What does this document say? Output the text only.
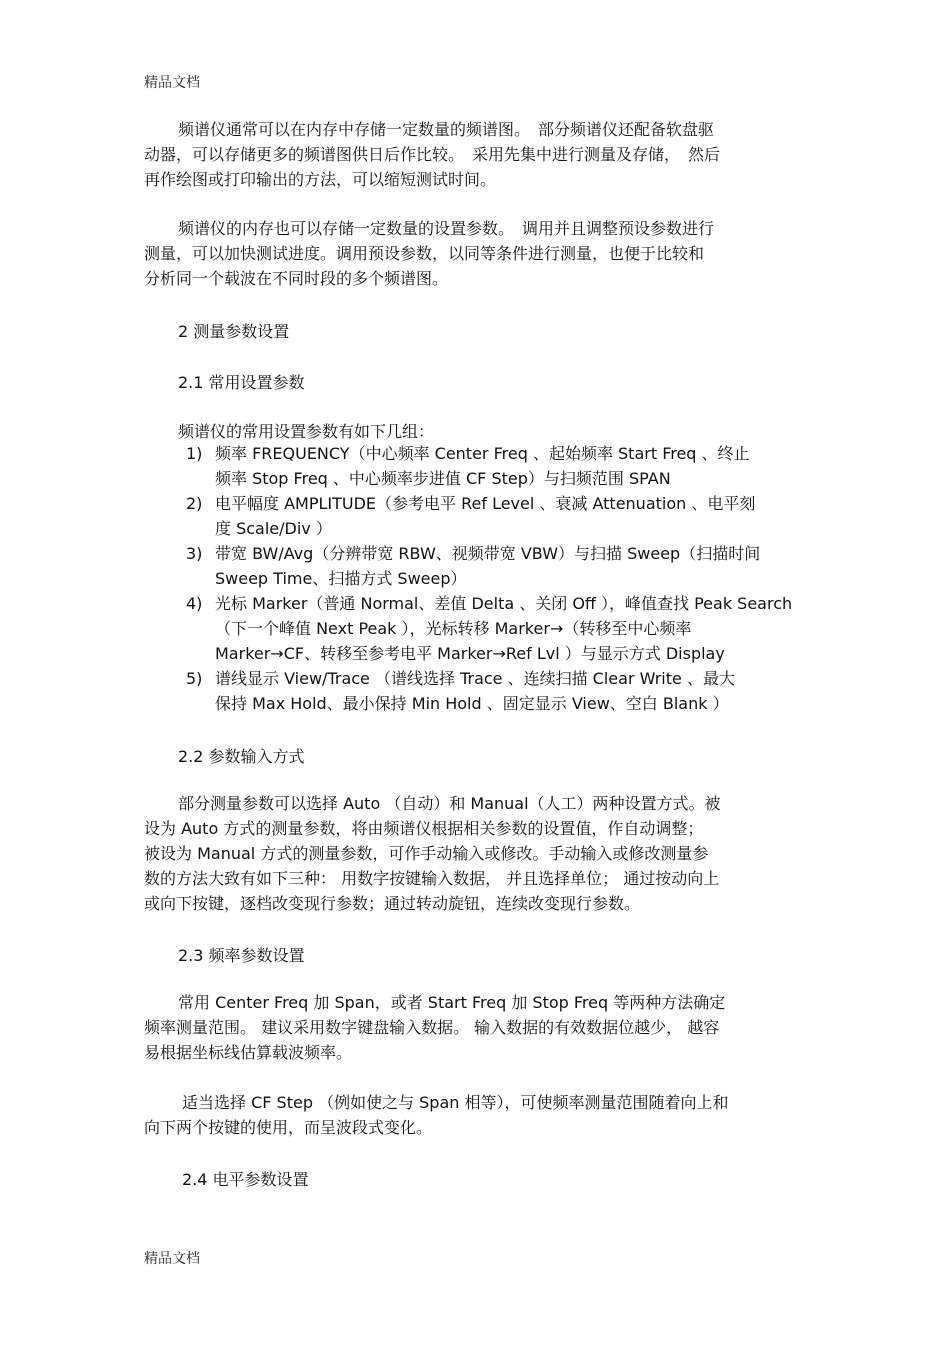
精品文档
频谱仪通常可以在内存中存储一定数量的频谱图。　部分频谱仪还配备软盘驱
动器，可以存储更多的频谱图供日后作比较。　采用先集中进行测量及存储，　然后
再作绘图或打印输出的方法，可以缩短测试时间。
频谱仪的内存也可以存储一定数量的设置参数。　调用并且调整预设参数进行
测量，可以加快测试进度。调用预设参数，以同等条件进行测量，也便于比较和
分析同一个载波在不同时段的多个频谱图。
2 测量参数设置
2.1 常用设置参数
频谱仪的常用设置参数有如下几组：
1) 频率 FREQUENCY（中心频率 Center Freq 、起始频率 Start Freq 、终止
频率 Stop Freq 、中心频率步进值 CF Step）与扫频范围 SPAN
2) 电平幅度 AMPLITUDE（参考电平 Ref Level 、衰减 Attenuation 、电平刻
度 Scale/Div ）
3) 带宽 BW/Avg（分辨带宽 RBW、视频带宽 VBW）与扫描 Sweep（扫描时间
Sweep Time、扫描方式 Sweep）
4) 光标 Marker（普通 Normal、差值 Delta 、关闭 Off ），峰值查找 Peak Search
（下一个峰值 Next Peak ），光标转移 Marker→（转移至中心频率
Marker→CF、转移至参考电平 Marker→Ref Lvl ）与显示方式 Display
5) 谱线显示 View/Trace （谱线选择 Trace 、连续扫描 Clear Write 、最大
保持 Max Hold、最小保持 Min Hold 、固定显示 View、空白 Blank ）
2.2 参数输入方式
部分测量参数可以选择 Auto （自动）和 Manual（人工）两种设置方式。被
设为 Auto 方式的测量参数，将由频谱仪根据相关参数的设置值，作自动调整；
被设为 Manual 方式的测量参数，可作手动输入或修改。手动输入或修改测量参
数的方法大致有如下三种： 用数字按键输入数据， 并且选择单位； 通过按动向上
或向下按键，逐档改变现行参数；通过转动旋钮，连续改变现行参数。
2.3 频率参数设置
常用 Center Freq 加 Span，或者 Start Freq 加 Stop Freq 等两种方法确定
频率测量范围。 建议采用数字键盘输入数据。 输入数据的有效数据位越少， 越容
易根据坐标线估算载波频率。
适当选择 CF Step （例如使之与 Span 相等），可使频率测量范围随着向上和
向下两个按键的使用，而呈波段式变化。
2.4 电平参数设置
精品文档
